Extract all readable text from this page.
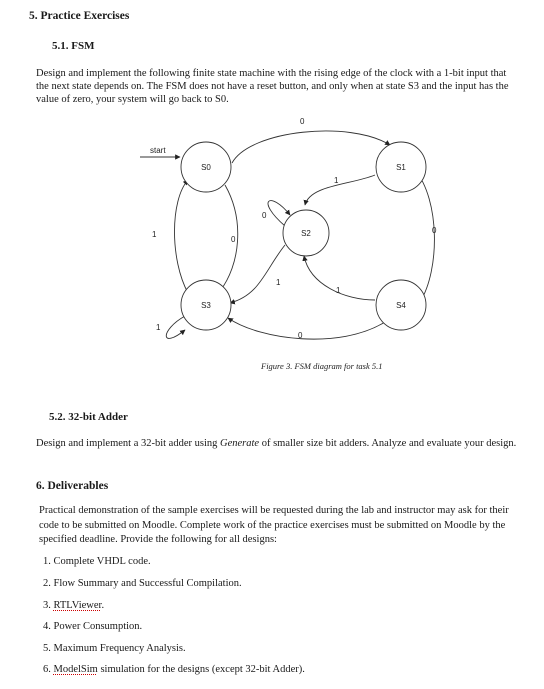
5. Practice Exercises

5.1. FSM

Design and implement the following finite state machine with the rising edge of the clock with a 1-bit input that the next state depends on. The FSM does not have a reset button, and only when at state S3 and the input has the value of zero, your system will go back to S0.

start
S0	S1
S2
S3	S4
0
1
0
0
1
1
0
1
0
1
Figure 3. FSM diagram for task 5.1

5.2. 32-bit Adder

Design and implement a 32-bit adder using Generate of smaller size bit adders. Analyze and evaluate your design.

6. Deliverables

Practical demonstration of the sample exercises will be requested during the lab and instructor may ask for their code to be submitted on Moodle. Complete work of the practice exercises must be submitted on Moodle by the specified deadline. Provide the following for all designs:

1. Complete VHDL code.

2. Flow Summary and Successful Compilation.

3. RTLViewer.

4. Power Consumption.

5. Maximum Frequency Analysis.

6. ModelSim simulation for the designs (except 32-bit Adder).
